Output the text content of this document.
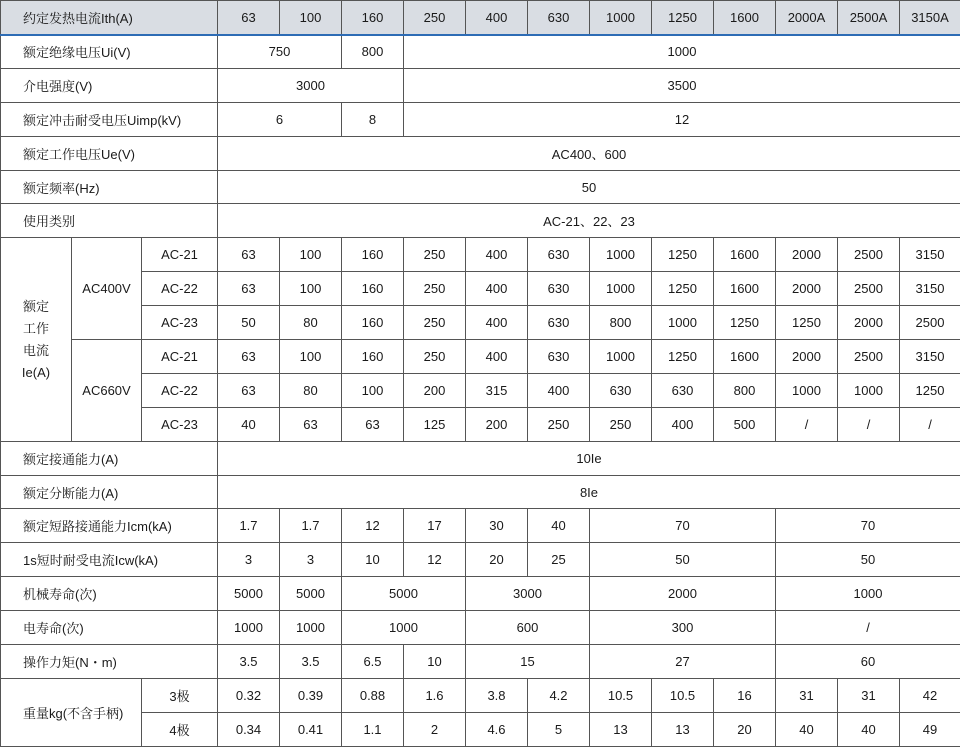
约定发热电流Ith(A)			63	100	160	250	400	630	1000	1250	1600	2000A	2500A	3150A
额定绝缘电压Ui(V)			750		800	1000								
介电强度(V)			3000			3500								
额定冲击耐受电压Uimp(kV)			6		8	12								
额定工作电压Ue(V)			AC400、600											
额定频率(Hz)			50											
使用类别			AC-21、22、23											

额定
工作
电流
Ie(A)	AC400V	AC-21	63	100	160	250	400	630	1000	1250	1600	2000	2500	3150
		AC-22	63	100	160	250	400	630	1000	1250	1600	2000	2500	3150
		AC-23	50	80	160	250	400	630	800	1000	1250	1250	2000	2500
	AC660V	AC-21	63	100	160	250	400	630	1000	1250	1600	2000	2500	3150
		AC-22	63	80	100	200	315	400	630	630	800	1000	1000	1250
		AC-23	40	63	63	125	200	250	250	400	500	/	/	/
额定接通能力(A)			10Ie											
额定分断能力(A)			8Ie											
额定短路接通能力Icm(kA)			1.7	1.7	12	17	30	40	70			70		
1s短时耐受电流Icw(kA)			3	3	10	12	20	25	50			50		
机械寿命(次)			5000	5000	5000		3000		2000			1000		
电寿命(次)			1000	1000	1000		600		300			/		
操作力矩(N・m)			3.5	3.5	6.5	10	15		27			60		
重量kg(不含手柄)		3极	0.32	0.39	0.88	1.6	3.8	4.2	10.5	10.5	16	31	31	42
		4极	0.34	0.41	1.1	2	4.6	5	13	13	20	40	40	49
